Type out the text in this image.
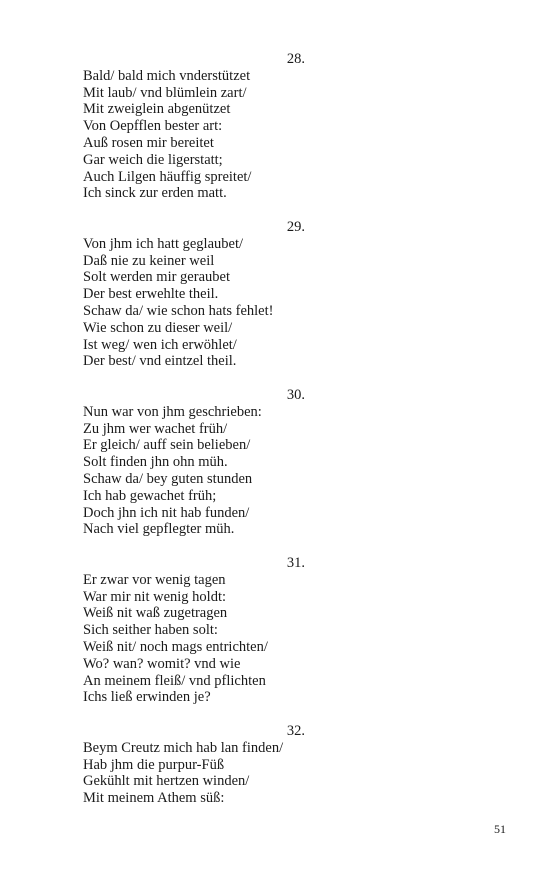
28.
Bald/ bald mich vnderstützet
Mit laub/ vnd blümlein zart/
Mit zweiglein abgenützet
Von Oepfflen bester art:
Auß rosen mir bereitet
Gar weich die ligerstatt;
Auch Lilgen häuffig spreitet/
Ich sinck zur erden matt.
29.
Von jhm ich hatt geglaubet/
Daß nie zu keiner weil
Solt werden mir geraubet
Der best erwehlte theil.
Schaw da/ wie schon hats fehlet!
Wie schon zu dieser weil/
Ist weg/ wen ich erwöhlet/
Der best/ vnd eintzel theil.
30.
Nun war von jhm geschrieben:
Zu jhm wer wachet früh/
Er gleich/ auff sein belieben/
Solt finden jhn ohn müh.
Schaw da/ bey guten stunden
Ich hab gewachet früh;
Doch jhn ich nit hab funden/
Nach viel gepflegter müh.
31.
Er zwar vor wenig tagen
War mir nit wenig holdt:
Weiß nit waß zugetragen
Sich seither haben solt:
Weiß nit/ noch mags entrichten/
Wo? wan? womit? vnd wie
An meinem fleiß/ vnd pflichten
Ichs ließ erwinden je?
32.
Beym Creutz mich hab lan finden/
Hab jhm die purpur-Füß
Gekühlt mit hertzen winden/
Mit meinem Athem süß:
51
